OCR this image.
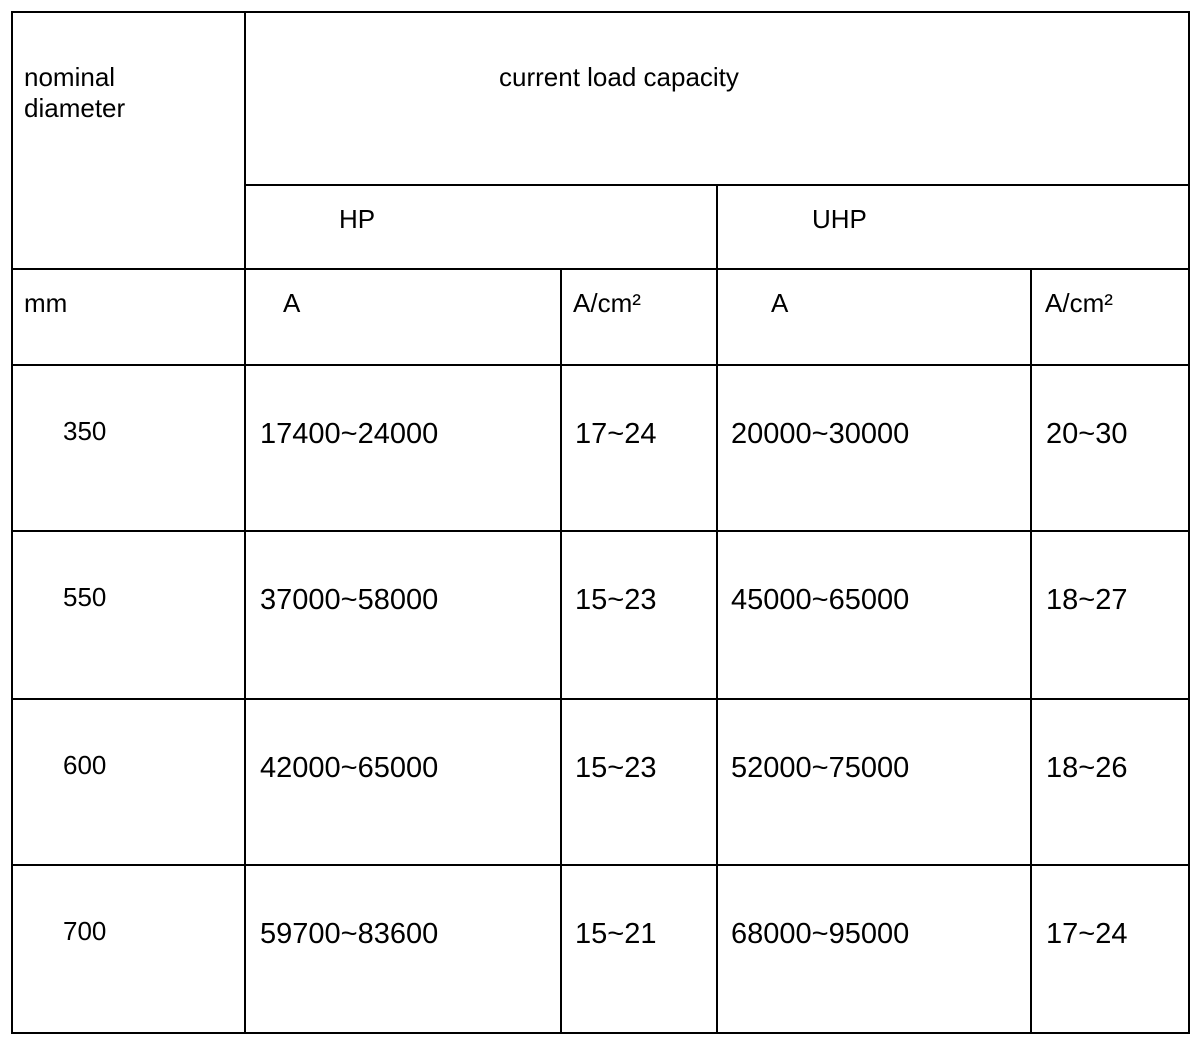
nominal
diameter
current load capacity
HP	UHP
mm	A	A/cm²	A	A/cm²
350	17400~24000	17~24	20000~30000	20~30
550	37000~58000	15~23	45000~65000	18~27
600	42000~65000	15~23	52000~75000	18~26
700	59700~83600	15~21	68000~95000	17~24
